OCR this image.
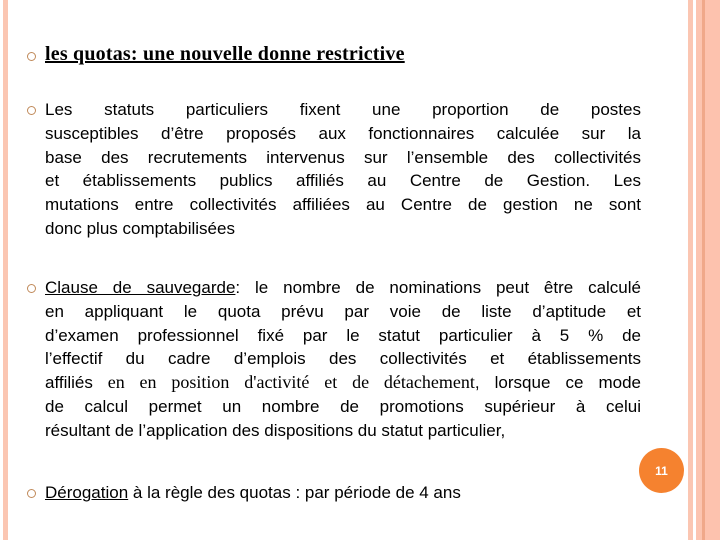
les quotas: une nouvelle donne restrictive
Les statuts particuliers fixent une proportion de postes
susceptibles d’être proposés aux fonctionnaires calculée sur la
base des recrutements intervenus sur l’ensemble des collectivités
et établissements publics affiliés au Centre de Gestion. Les
mutations entre collectivités affiliées au Centre de gestion ne sont
donc plus comptabilisées
Clause de sauvegarde: le nombre de nominations peut être calculé
en appliquant le quota prévu par voie de liste d’aptitude et
d’examen professionnel fixé par le statut particulier à 5 % de
l’effectif du cadre d’emplois des collectivités et établissements
affiliés en en position d'activité et de détachement, lorsque ce mode
de calcul permet un nombre de promotions supérieur à celui
résultant de l’application des dispositions du statut particulier,
11
Dérogation à la règle des quotas : par période de 4 ans
